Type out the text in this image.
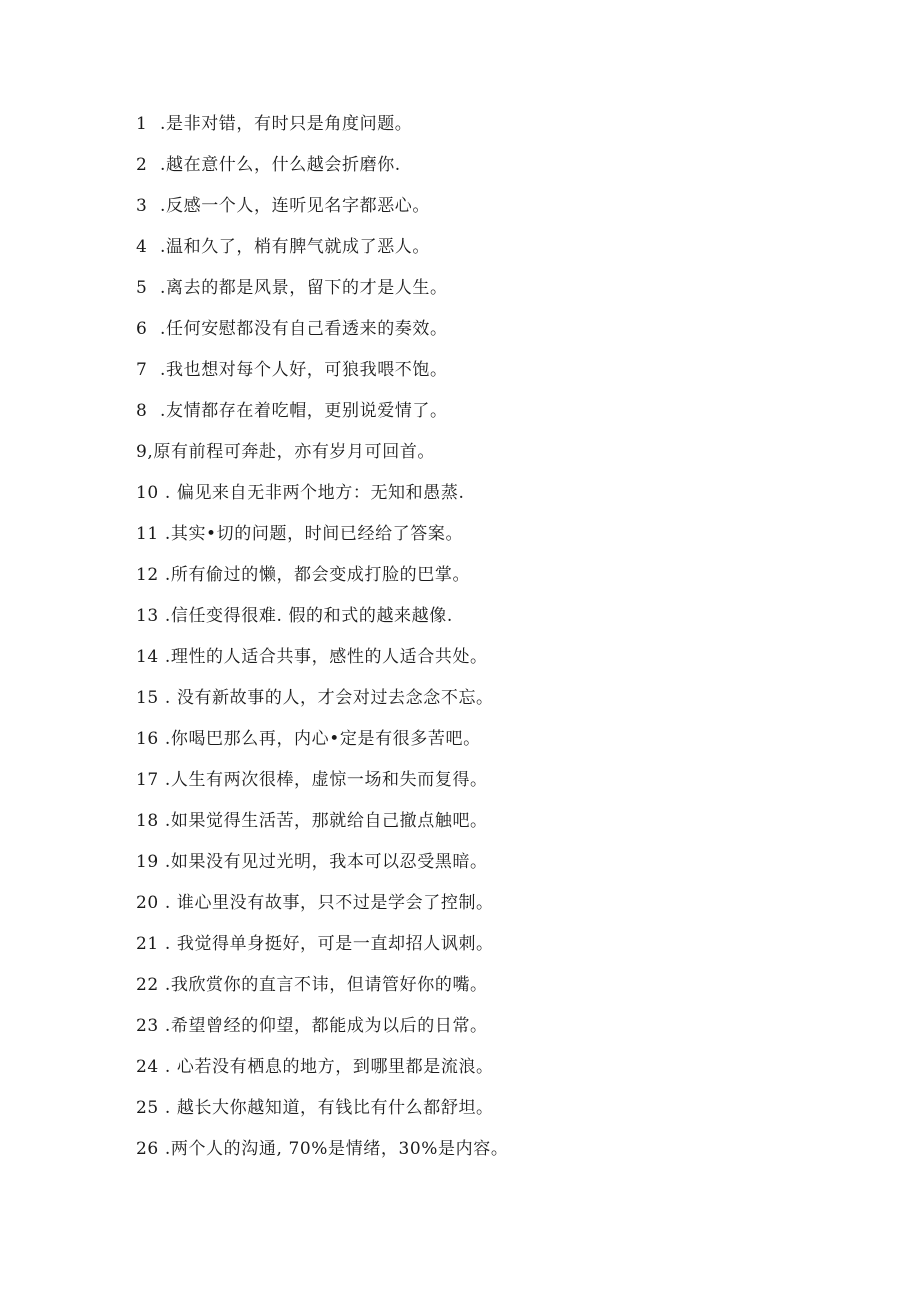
1 .是非对错，有时只是角度问题。
2 .越在意什么，什么越会折磨你.
3 .反感一个人，连听见名字都恶心。
4 .温和久了，梢有脾气就成了恶人。
5 .离去的都是风景，留下的才是人生。
6 .任何安慰都没有自己看透来的奏效。
7 .我也想对每个人好，可狼我喂不饱。
8 .友情都存在着吃帽，更别说爱情了。
9,原有前程可奔赴，亦有岁月可回首。
10 . 偏见来自无非两个地方：无知和愚蒸.
11 .其实•切的问题，时间已经给了答案。
12 .所有偷过的懒，都会变成打脸的巴掌。
13 .信任变得很难. 假的和式的越来越像.
14 .理性的人适合共事，感性的人适合共处。
15 . 没有新故事的人，才会对过去念念不忘。
16 .你喝巴那么再，内心•定是有很多苦吧。
17 .人生有两次很棒，虚惊一场和失而复得。
18 .如果觉得生活苦，那就给自己撤点触吧。
19 .如果没有见过光明，我本可以忍受黑暗。
20 . 谁心里没有故事，只不过是学会了控制。
21 . 我觉得单身挺好，可是一直却招人讽刺。
22 .我欣赏你的直言不讳，但请管好你的嘴。
23 .希望曾经的仰望，都能成为以后的日常。
24 . 心若没有栖息的地方，到哪里都是流浪。
25 . 越长大你越知道，有钱比有什么都舒坦。
26 .两个人的沟通, 70%是情绪，30%是内容。
